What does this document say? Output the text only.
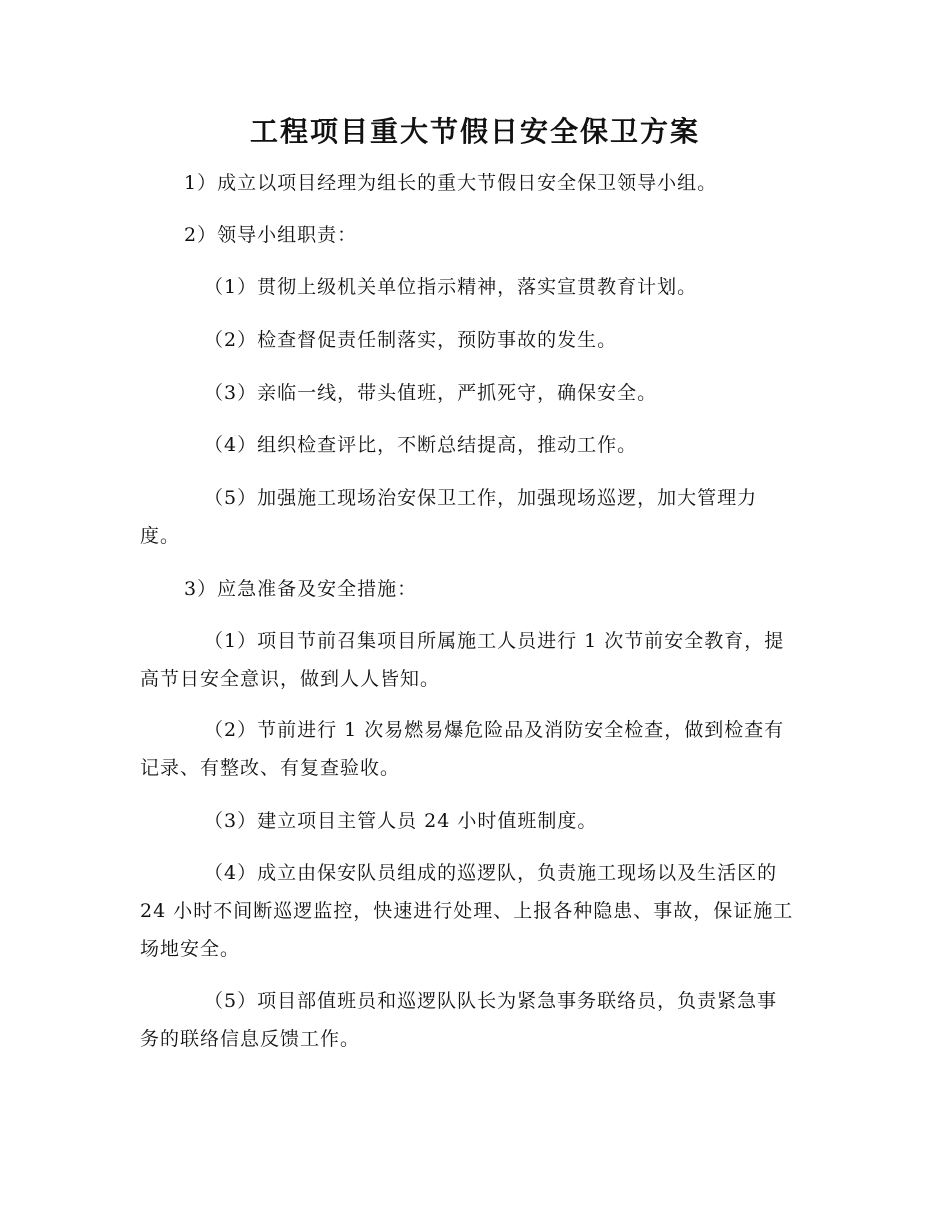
工程项目重大节假日安全保卫方案

1）成立以项目经理为组长的重大节假日安全保卫领导小组。

2）领导小组职责：

（1）贯彻上级机关单位指示精神，落实宣贯教育计划。

（2）检查督促责任制落实，预防事故的发生。

（3）亲临一线，带头值班，严抓死守，确保安全。

（4）组织检查评比，不断总结提高，推动工作。

（5）加强施工现场治安保卫工作，加强现场巡逻，加大管理力度。

3）应急准备及安全措施：

（1）项目节前召集项目所属施工人员进行 1 次节前安全教育，提高节日安全意识，做到人人皆知。

（2）节前进行 1 次易燃易爆危险品及消防安全检查，做到检查有记录、有整改、有复查验收。

（3）建立项目主管人员 24 小时值班制度。

（4）成立由保安队员组成的巡逻队，负责施工现场以及生活区的 24 小时不间断巡逻监控，快速进行处理、上报各种隐患、事故，保证施工场地安全。

（5）项目部值班员和巡逻队队长为紧急事务联络员，负责紧急事务的联络信息反馈工作。
